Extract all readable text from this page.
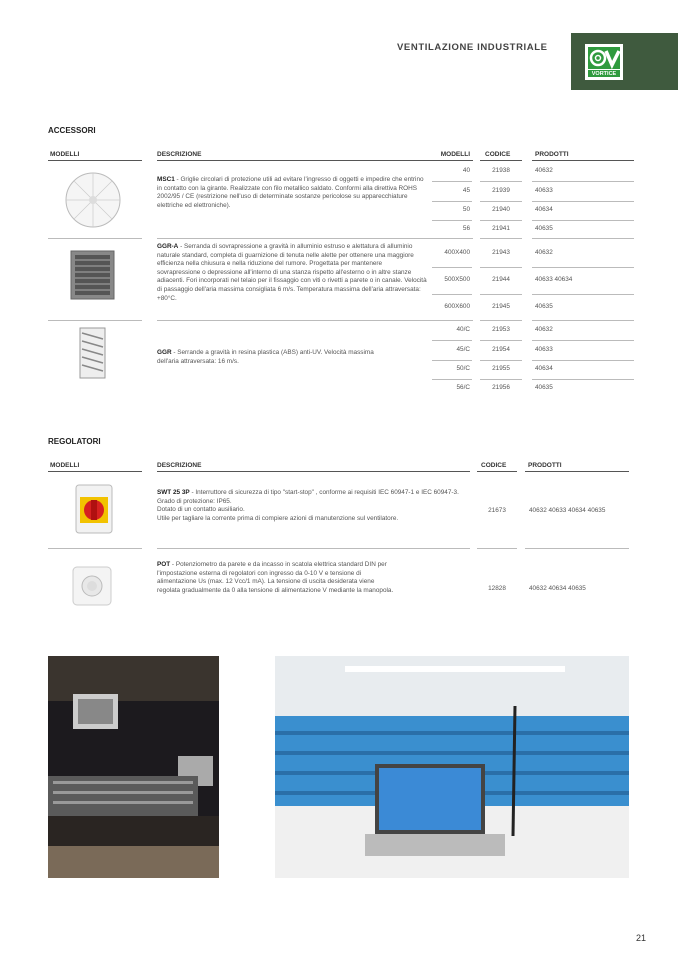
VENTILAZIONE INDUSTRIALE
VORTICE
ACCESSORI
MODELLI	DESCRIZIONE	MODELLI CODICE	PRODOTTI
MSC1 - Griglie circolari di protezione utili ad evitare l'ingresso di oggetti e impedire che entrino in contatto con la girante. Realizzate con filo metallico saldato. Conformi alla direttiva ROHS 2002/95 / CE (restrizione nell'uso di determinate sostanze pericolose su apparecchiature elettriche ed elettroniche).
40	21938	40632
45	21939	40633
50	21940	40634
56	21941	40635
GGR-A - Serranda di sovrapressione a gravità in alluminio estruso e alettatura di alluminio naturale standard, completa di guarnizione di tenuta nelle alette per ottenere una maggiore efficienza nella chiusura e nella riduzione del rumore. Progettata per mantenere sovrapressione o depressione all'interno di una stanza rispetto all'esterno o in altre stanze adiacenti. Fori incorporati nel telaio per il fissaggio con viti o rivetti a parete o in canale. Velocità di passaggio dell'aria massima consigliata 6 m/s. Temperatura massima dell'aria attraversata: +80°C.
400X400	21943	40632
500X500	21944	40633 40634
600X600	21945	40635
GGR - Serrande a gravità in resina plastica (ABS) anti-UV. Velocità massima dell'aria attraversata: 16 m/s.
40/C	21953	40632
45/C	21954	40633
50/C	21955	40634
56/C	21956	40635
REGOLATORI
MODELLI	DESCRIZIONE	CODICE	PRODOTTI
SWT 25 3P - Interruttore di sicurezza di tipo "start-stop" , conforme ai requisiti IEC 60947-1 e IEC 60947-3.
Grado di protezione: IP65.
Dotato di un contatto ausiliario.
Utile per tagliare la corrente prima di compiere azioni di manutenzione sul ventilatore.
21673	40632 40633 40634 40635
POT - Potenziometro da parete e da incasso in scatola elettrica standard DIN per l'impostazione esterna di regolatori con ingresso da 0-10 V e tensione di alimentazione Us (max. 12 Vcc/1 mA). La tensione di uscita desiderata viene regolata gradualmente da 0 alla tensione di alimentazione V mediante la manopola.	12828	40632 40634 40635
21
